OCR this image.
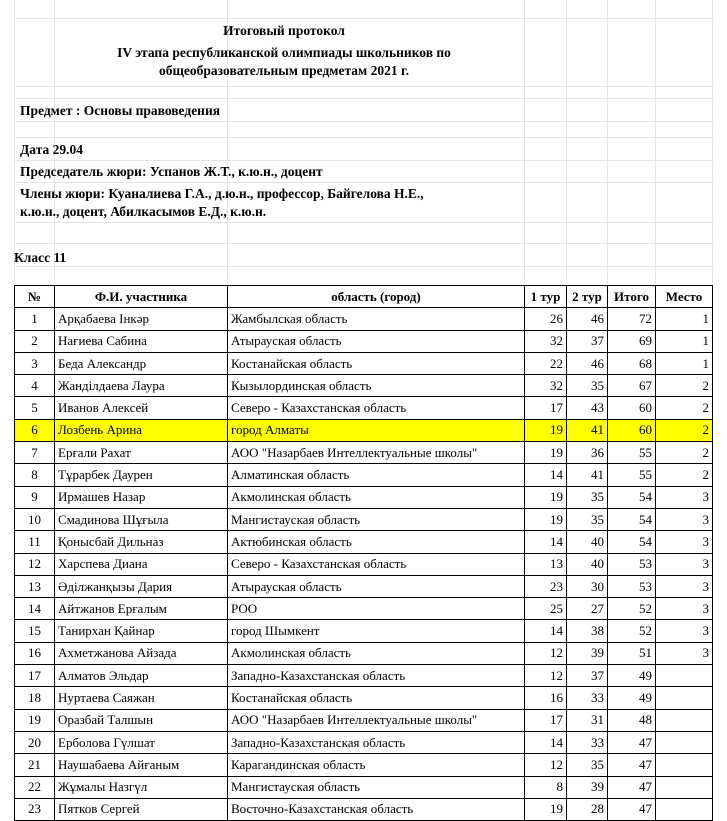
Итоговый протокол
IV этапа республиканской олимпиады школьников по
общеобразовательным предметам 2021 г.
Предмет : Основы правоведения
Дата 29.04
Председатель жюри: Успанов Ж.Т., к.ю.н., доцент
Члены жюри: Куаналиева Г.А., д.ю.н., профессор, Байгелова Н.Е.,
к.ю.н., доцент, Абилкасымов Е.Д., к.ю.н.
Класс 11
№	Ф.И. участника	область (город)	1 тур	2 тур	Итого	Место
1	Арқабаева Інкәр	Жамбылская область	26	46	72	1
2	Нағиева Сабина	Атырауская область	32	37	69	1
3	Беда Александр	Костанайская область	22	46	68	1
4	Жандiлдаева Лаура	Кызылординская область	32	35	67	2
5	Иванов Алексей	Северо - Казахстанская область	17	43	60	2
6	Лозбень Арина	город Алматы	19	41	60	2
7	Ерғали Рахат	АОО "Назарбаев Интеллектуальные школы"	19	36	55	2
8	Тұрарбек Даурен	Алматинская область	14	41	55	2
9	Ирмашев Назар	Акмолинская область	19	35	54	3
10	Смадинова Шұғыла	Мангистауская область	19	35	54	3
11	Қонысбай Дильназ	Актюбинская область	14	40	54	3
12	Харспева Диана	Северо - Казахстанская область	13	40	53	3
13	Әділжанқызы Дария	Атырауская область	23	30	53	3
14	Айтжанов Ерғалым	РОО	25	27	52	3
15	Танирхан Қайнар	город Шымкент	14	38	52	3
16	Ахметжанова Айзада	Акмолинская область	12	39	51	3
17	Алматов Эльдар	Западно-Казахстанская область	12	37	49	
18	Нуртаева Саяжан	Костанайская область	16	33	49	
19	Оразбай Талшын	АОО "Назарбаев Интеллектуальные школы"	17	31	48	
20	Ерболова Гүлшат	Западно-Казахстанская область	14	33	47	
21	Наушабаева Айғаным	Карагандинская область	12	35	47	
22	Жұмалы Назгүл	Мангистауская область	8	39	47	
23	Пятков Сергей	Восточно-Казахстанская область	19	28	47	
